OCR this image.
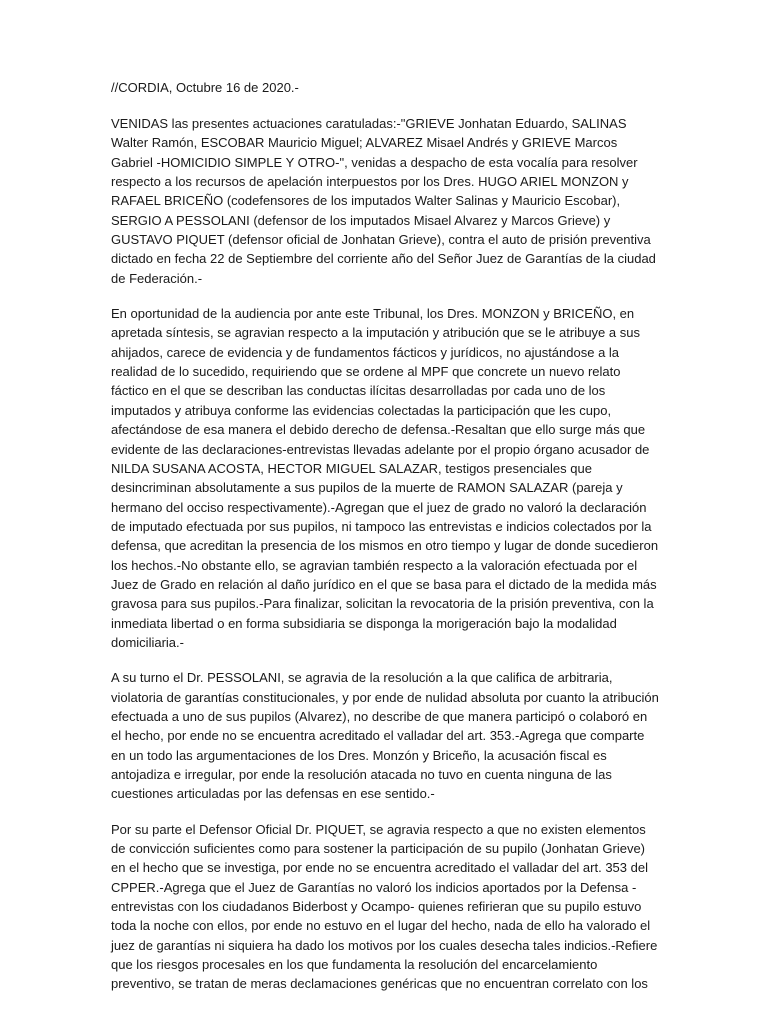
//CORDIA, Octubre 16 de 2020.-

VENIDAS las presentes actuaciones caratuladas:-"GRIEVE Jonhatan Eduardo, SALINAS Walter Ramón, ESCOBAR Mauricio Miguel; ALVAREZ Misael Andrés y GRIEVE Marcos Gabriel -HOMICIDIO SIMPLE Y OTRO-", venidas a despacho de esta vocalía para resolver respecto a los recursos de apelación interpuestos por los Dres. HUGO ARIEL MONZON y RAFAEL BRICEÑO (codefensores de los imputados Walter Salinas y Mauricio Escobar), SERGIO A PESSOLANI (defensor de los imputados Misael Alvarez y Marcos Grieve) y GUSTAVO PIQUET (defensor oficial de Jonhatan Grieve), contra el auto de prisión preventiva dictado en fecha 22 de Septiembre del corriente año del Señor Juez de Garantías de la ciudad de Federación.-

En oportunidad de la audiencia por ante este Tribunal, los Dres. MONZON y BRICEÑO, en apretada síntesis, se agravian respecto a la imputación y atribución que se le atribuye a sus ahijados, carece de evidencia y de fundamentos fácticos y jurídicos, no ajustándose a la realidad de lo sucedido, requiriendo que se ordene al MPF que concrete un nuevo relato fáctico en el que se describan las conductas ilícitas desarrolladas por cada uno de los imputados y atribuya conforme las evidencias colectadas la participación que les cupo, afectándose de esa manera el debido derecho de defensa.-Resaltan que ello surge más que evidente de las declaraciones-entrevistas llevadas adelante por el propio órgano acusador de NILDA SUSANA ACOSTA, HECTOR MIGUEL SALAZAR, testigos presenciales que desincriminan absolutamente a sus pupilos de la muerte de RAMON SALAZAR (pareja y hermano del occiso respectivamente).-Agregan que el juez de grado no valoró la declaración de imputado efectuada por sus pupilos, ni tampoco las entrevistas e indicios colectados por la defensa, que acreditan la presencia de los mismos en otro tiempo y lugar de donde sucedieron los hechos.-No obstante ello, se agravian también respecto a la valoración efectuada por el Juez de Grado en relación al daño jurídico en el que se basa para el dictado de la medida más gravosa para sus pupilos.-Para finalizar, solicitan la revocatoria de la prisión preventiva, con la inmediata libertad o en forma subsidiaria se disponga la morigeración bajo la modalidad domiciliaria.-

A su turno el Dr. PESSOLANI, se agravia de la resolución a la que califica de arbitraria, violatoria de garantías constitucionales, y por ende de nulidad absoluta por cuanto la atribución efectuada a uno de sus pupilos (Alvarez), no describe de que manera participó o colaboró en el hecho, por ende no se encuentra acreditado el valladar del art. 353.-Agrega que comparte en un todo las argumentaciones de los Dres. Monzón y Briceño, la acusación fiscal es antojadiza e irregular, por ende la resolución atacada no tuvo en cuenta ninguna de las cuestiones articuladas por las defensas en ese sentido.-

Por su parte el Defensor Oficial Dr. PIQUET, se agravia respecto a que no existen elementos de convicción suficientes como para sostener la participación de su pupilo (Jonhatan Grieve) en el hecho que se investiga, por ende no se encuentra acreditado el valladar del art. 353 del CPPER.-Agrega que el Juez de Garantías no valoró los indicios aportados por la Defensa -entrevistas con los ciudadanos Biderbost y Ocampo- quienes refirieran que su pupilo estuvo toda la noche con ellos, por ende no estuvo en el lugar del hecho, nada de ello ha valorado el juez de garantías ni siquiera ha dado los motivos por los cuales desecha tales indicios.-Refiere que los riesgos procesales en los que fundamenta la resolución del encarcelamiento preventivo, se tratan de meras declamaciones genéricas que no encuentran correlato con los
